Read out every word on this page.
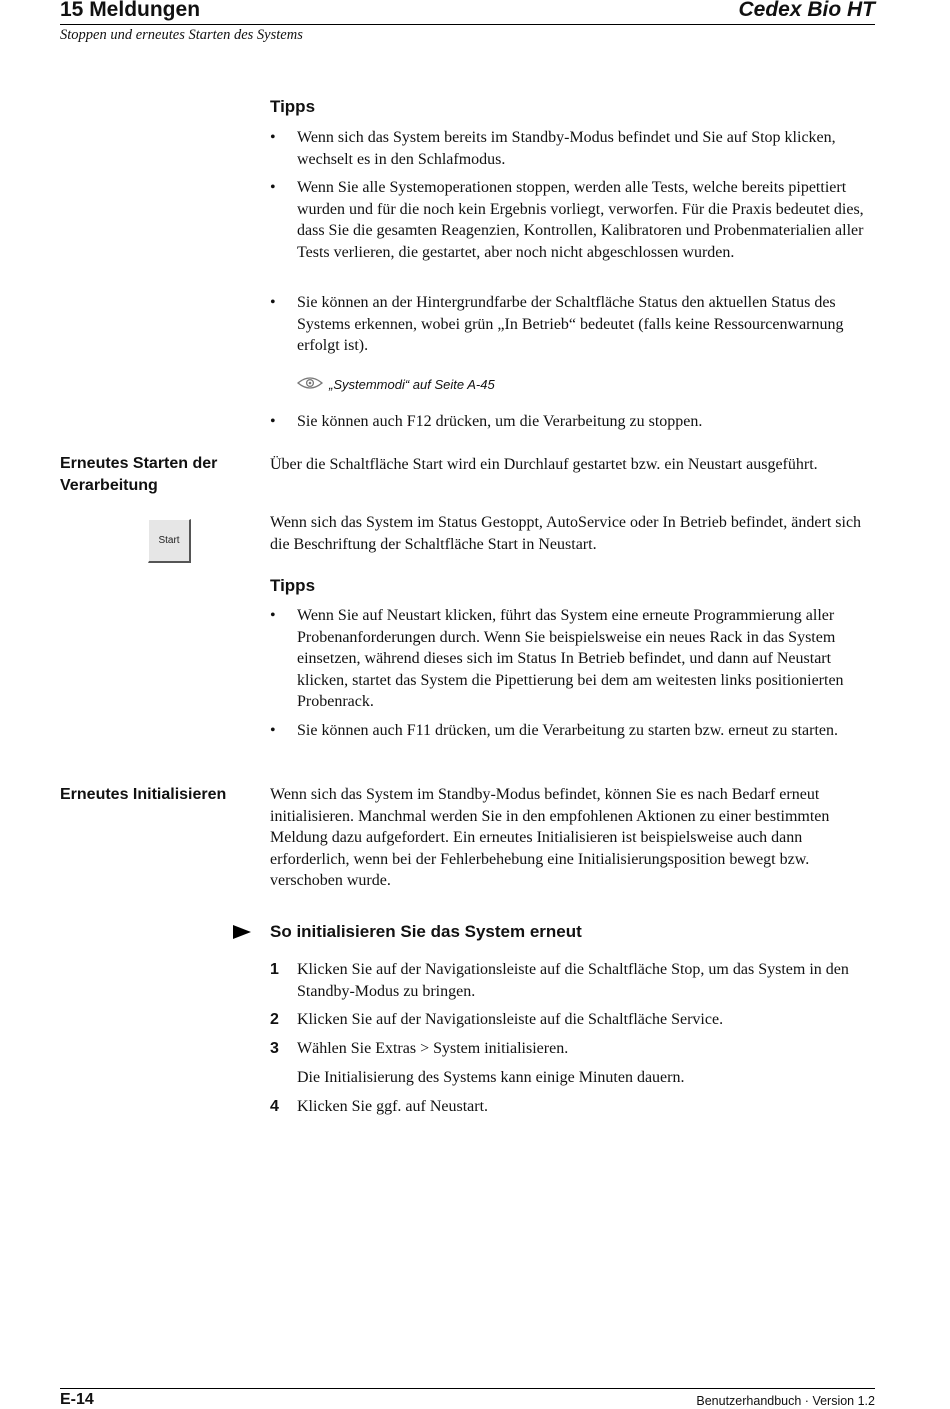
15 Meldungen	Cedex Bio HT
Stoppen und erneutes Starten des Systems
Tipps
•	Wenn sich das System bereits im Standby-Modus befindet und Sie auf Stop klicken, wechselt es in den Schlafmodus.
•	Wenn Sie alle Systemoperationen stoppen, werden alle Tests, welche bereits pipettiert wurden und für die noch kein Ergebnis vorliegt, verworfen. Für die Praxis bedeutet dies, dass Sie die gesamten Reagenzien, Kontrollen, Kalibratoren und Probenmaterialien aller Tests verlieren, die gestartet, aber noch nicht abgeschlossen wurden.
•	Sie können an der Hintergrundfarbe der Schaltfläche Status den aktuellen Status des Systems erkennen, wobei grün „In Betrieb“ bedeutet (falls keine Ressourcenwarnung erfolgt ist).
„Systemmodi“ auf Seite A-45
•	Sie können auch F12 drücken, um die Verarbeitung zu stoppen.
Erneutes Starten der Verarbeitung
Über die Schaltfläche Start wird ein Durchlauf gestartet bzw. ein Neustart ausgeführt.
Start
Wenn sich das System im Status Gestoppt, AutoService oder In Betrieb befindet, ändert sich die Beschriftung der Schaltfläche Start in Neustart.
Tipps
•	Wenn Sie auf Neustart klicken, führt das System eine erneute Programmierung aller Probenanforderungen durch. Wenn Sie beispielsweise ein neues Rack in das System einsetzen, während dieses sich im Status In Betrieb befindet, und dann auf Neustart klicken, startet das System die Pipettierung bei dem am weitesten links positionierten Probenrack.
•	Sie können auch F11 drücken, um die Verarbeitung zu starten bzw. erneut zu starten.
Erneutes Initialisieren	Wenn sich das System im Standby-Modus befindet, können Sie es nach Bedarf erneut initialisieren. Manchmal werden Sie in den empfohlenen Aktionen zu einer bestimmten Meldung dazu aufgefordert. Ein erneutes Initialisieren ist beispielsweise auch dann erforderlich, wenn bei der Fehlerbehebung eine Initialisierungsposition bewegt bzw. verschoben wurde.
So initialisieren Sie das System erneut
1	Klicken Sie auf der Navigationsleiste auf die Schaltfläche Stop, um das System in den Standby-Modus zu bringen.
2	Klicken Sie auf der Navigationsleiste auf die Schaltfläche Service.
3	Wählen Sie Extras > System initialisieren.
Die Initialisierung des Systems kann einige Minuten dauern.
4	Klicken Sie ggf. auf Neustart.
E-14	Benutzerhandbuch · Version 1.2
